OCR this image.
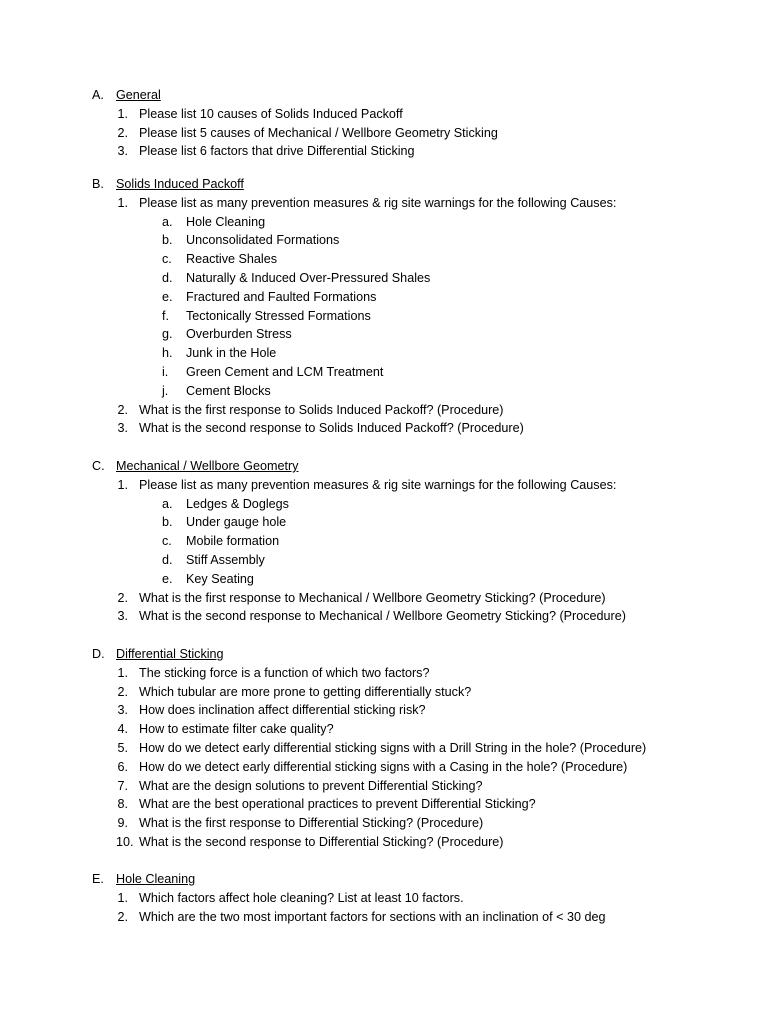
A. General
1. Please list 10 causes of Solids Induced Packoff
2. Please list 5 causes of Mechanical / Wellbore Geometry Sticking
3. Please list 6 factors that drive Differential Sticking
B. Solids Induced Packoff
1. Please list as many prevention measures & rig site warnings for the following Causes:
a. Hole Cleaning
b. Unconsolidated Formations
c. Reactive Shales
d. Naturally & Induced Over-Pressured Shales
e. Fractured and Faulted Formations
f. Tectonically Stressed Formations
g. Overburden Stress
h. Junk in the Hole
i. Green Cement and LCM Treatment
j. Cement Blocks
2. What is the first response to Solids Induced Packoff? (Procedure)
3. What is the second response to Solids Induced Packoff? (Procedure)
C. Mechanical / Wellbore Geometry
1. Please list as many prevention measures & rig site warnings for the following Causes:
a. Ledges & Doglegs
b. Under gauge hole
c. Mobile formation
d. Stiff Assembly
e. Key Seating
2. What is the first response to Mechanical / Wellbore Geometry Sticking? (Procedure)
3. What is the second response to Mechanical / Wellbore Geometry Sticking? (Procedure)
D. Differential Sticking
1. The sticking force is a function of which two factors?
2. Which tubular are more prone to getting differentially stuck?
3. How does inclination affect differential sticking risk?
4. How to estimate filter cake quality?
5. How do we detect early differential sticking signs with a Drill String in the hole? (Procedure)
6. How do we detect early differential sticking signs with a Casing in the hole? (Procedure)
7. What are the design solutions to prevent Differential Sticking?
8. What are the best operational practices to prevent Differential Sticking?
9. What is the first response to Differential Sticking? (Procedure)
10. What is the second response to Differential Sticking? (Procedure)
E. Hole Cleaning
1. Which factors affect hole cleaning? List at least 10 factors.
2. Which are the two most important factors for sections with an inclination of < 30 deg
